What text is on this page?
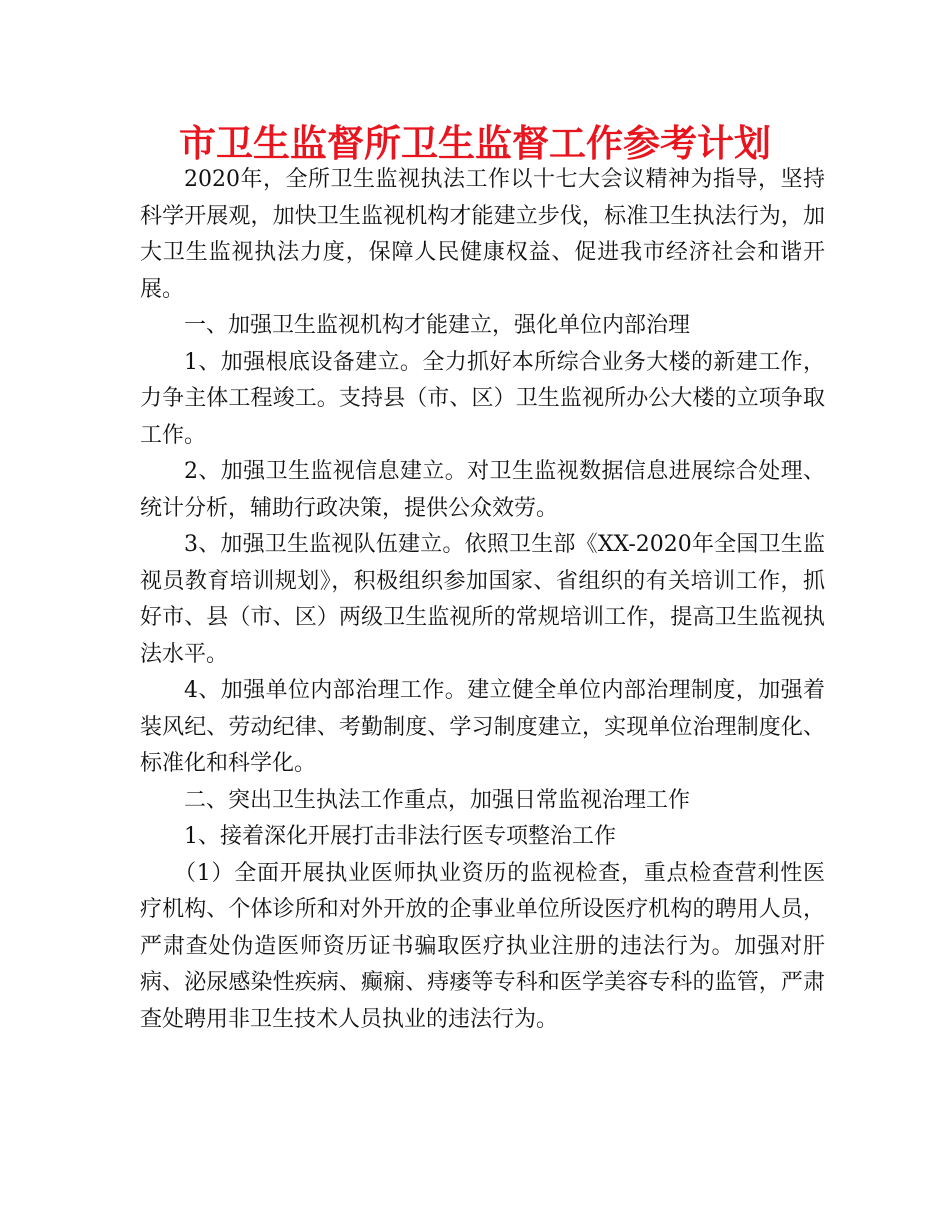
市卫生监督所卫生监督工作参考计划

2020年，全所卫生监视执法工作以十七大会议精神为指导，坚持科学开展观，加快卫生监视机构才能建立步伐，标准卫生执法行为，加大卫生监视执法力度，保障人民健康权益、促进我市经济社会和谐开展。

一、加强卫生监视机构才能建立，强化单位内部治理

1、加强根底设备建立。全力抓好本所综合业务大楼的新建工作，力争主体工程竣工。支持县（市、区）卫生监视所办公大楼的立项争取工作。

2、加强卫生监视信息建立。对卫生监视数据信息进展综合处理、统计分析，辅助行政决策，提供公众效劳。

3、加强卫生监视队伍建立。依照卫生部《XX-2020年全国卫生监视员教育培训规划》，积极组织参加国家、省组织的有关培训工作，抓好市、县（市、区）两级卫生监视所的常规培训工作，提高卫生监视执法水平。

4、加强单位内部治理工作。建立健全单位内部治理制度，加强着装风纪、劳动纪律、考勤制度、学习制度建立，实现单位治理制度化、标准化和科学化。

二、突出卫生执法工作重点，加强日常监视治理工作

1、接着深化开展打击非法行医专项整治工作

（1）全面开展执业医师执业资历的监视检查，重点检查营利性医疗机构、个体诊所和对外开放的企事业单位所设医疗机构的聘用人员，严肃查处伪造医师资历证书骗取医疗执业注册的违法行为。加强对肝病、泌尿感染性疾病、癫痫、痔瘘等专科和医学美容专科的监管，严肃查处聘用非卫生技术人员执业的违法行为。
